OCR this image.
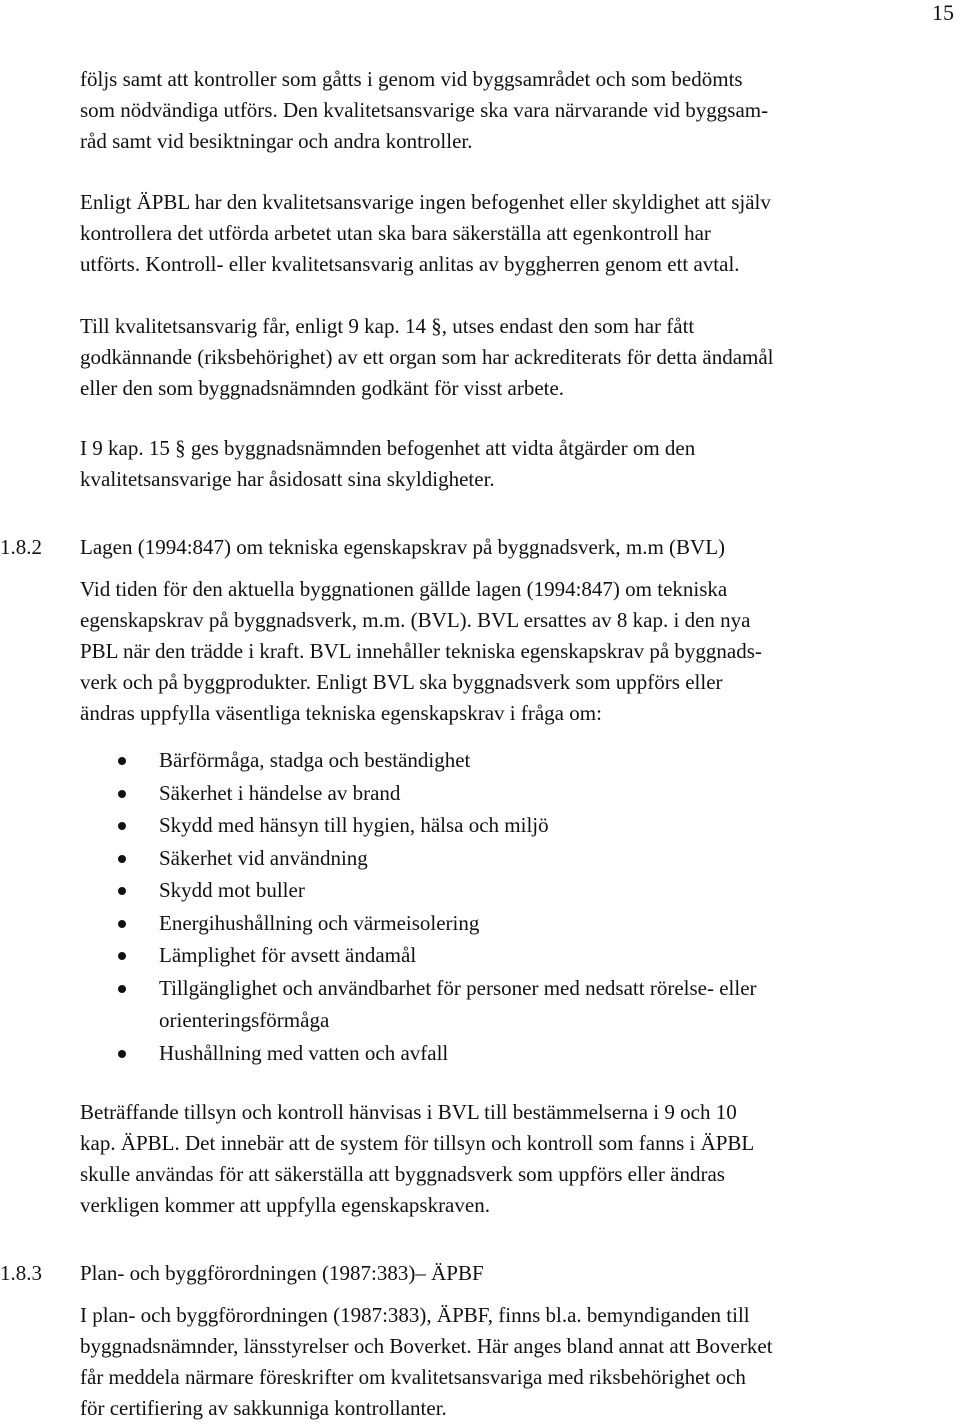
15

följs samt att kontroller som gåtts i genom vid byggsamrådet och som bedömts
som nödvändiga utförs. Den kvalitetsansvarige ska vara närvarande vid byggsam-
råd samt vid besiktningar och andra kontroller.

Enligt ÄPBL har den kvalitetsansvarige ingen befogenhet eller skyldighet att själv
kontrollera det utförda arbetet utan ska bara säkerställa att egenkontroll har
utförts. Kontroll- eller kvalitetsansvarig anlitas av byggherren genom ett avtal.

Till kvalitetsansvarig får, enligt 9 kap. 14 §, utses endast den som har fått
godkännande (riksbehörighet) av ett organ som har ackrediterats för detta ändamål
eller den som byggnadsnämnden godkänt för visst arbete.

I 9 kap. 15 § ges byggnadsnämnden befogenhet att vidta åtgärder om den
kvalitetsansvarige har åsidosatt sina skyldigheter.

1.8.2 Lagen (1994:847) om tekniska egenskapskrav på byggnadsverk, m.m (BVL)

Vid tiden för den aktuella byggnationen gällde lagen (1994:847) om tekniska
egenskapskrav på byggnadsverk, m.m. (BVL). BVL ersattes av 8 kap. i den nya
PBL när den trädde i kraft. BVL innehåller tekniska egenskapskrav på byggnads-
verk och på byggprodukter. Enligt BVL ska byggnadsverk som uppförs eller
ändras uppfylla väsentliga tekniska egenskapskrav i fråga om:

Bärförmåga, stadga och beständighet
Säkerhet i händelse av brand
Skydd med hänsyn till hygien, hälsa och miljö
Säkerhet vid användning
Skydd mot buller
Energihushållning och värmeisolering
Lämplighet för avsett ändamål
Tillgänglighet och användbarhet för personer med nedsatt rörelse- eller
orienteringsförmåga
Hushållning med vatten och avfall

Beträffande tillsyn och kontroll hänvisas i BVL till bestämmelserna i 9 och 10
kap. ÄPBL. Det innebär att de system för tillsyn och kontroll som fanns i ÄPBL
skulle användas för att säkerställa att byggnadsverk som uppförs eller ändras
verkligen kommer att uppfylla egenskapskraven.

1.8.3 Plan- och byggförordningen (1987:383)– ÄPBF

I plan- och byggförordningen (1987:383), ÄPBF, finns bl.a. bemyndiganden till
byggnadsnämnder, länsstyrelser och Boverket. Här anges bland annat att Boverket
får meddela närmare föreskrifter om kvalitetsansvariga med riksbehörighet och
för certifiering av sakkunniga kontrollanter.
